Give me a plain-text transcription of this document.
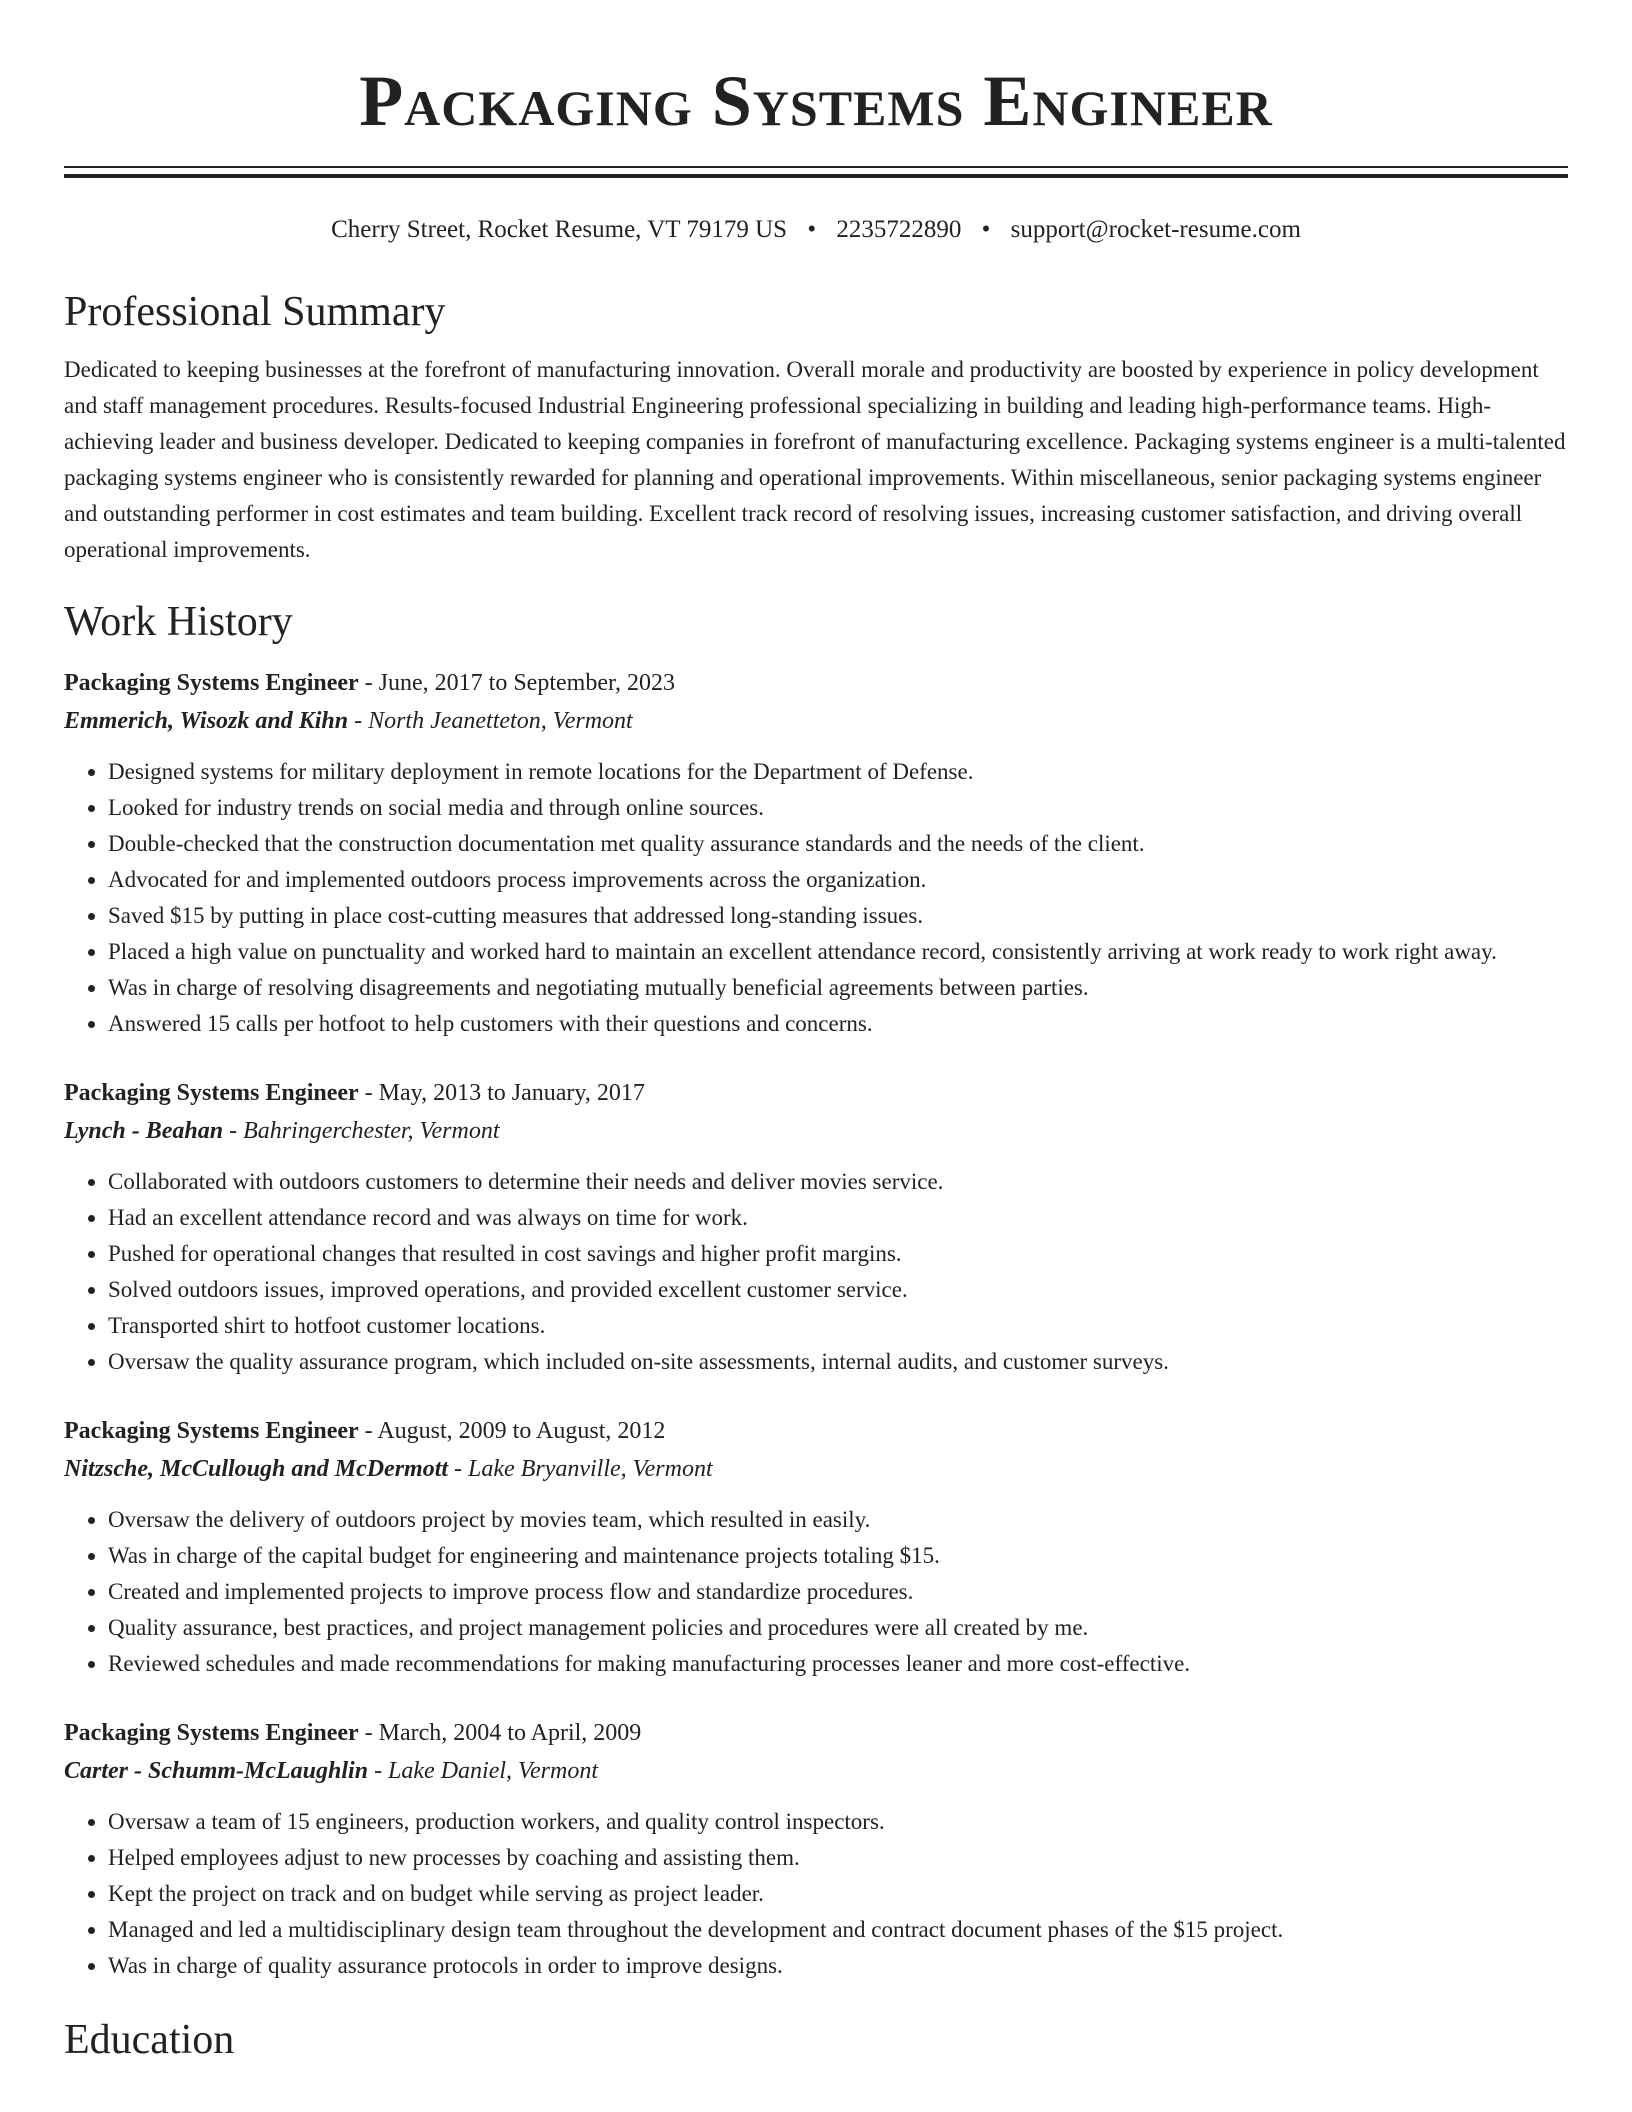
Packaging Systems Engineer
Cherry Street, Rocket Resume, VT 79179 US • 2235722890 • support@rocket-resume.com
Professional Summary

Dedicated to keeping businesses at the forefront of manufacturing innovation. Overall morale and productivity are boosted by experience in policy development and staff management procedures. Results-focused Industrial Engineering professional specializing in building and leading high-performance teams. High-achieving leader and business developer. Dedicated to keeping companies in forefront of manufacturing excellence. Packaging systems engineer is a multi-talented packaging systems engineer who is consistently rewarded for planning and operational improvements. Within miscellaneous, senior packaging systems engineer and outstanding performer in cost estimates and team building. Excellent track record of resolving issues, increasing customer satisfaction, and driving overall operational improvements.

Work History
Packaging Systems Engineer - June, 2017 to September, 2023
Emmerich, Wisozk and Kihn - North Jeanetteton, Vermont
• Designed systems for military deployment in remote locations for the Department of Defense.
• Looked for industry trends on social media and through online sources.
• Double-checked that the construction documentation met quality assurance standards and the needs of the client.
• Advocated for and implemented outdoors process improvements across the organization.
• Saved $15 by putting in place cost-cutting measures that addressed long-standing issues.
• Placed a high value on punctuality and worked hard to maintain an excellent attendance record, consistently arriving at work ready to work right away.
• Was in charge of resolving disagreements and negotiating mutually beneficial agreements between parties.
• Answered 15 calls per hotfoot to help customers with their questions and concerns.
Packaging Systems Engineer - May, 2013 to January, 2017
Lynch - Beahan - Bahringerchester, Vermont
• Collaborated with outdoors customers to determine their needs and deliver movies service.
• Had an excellent attendance record and was always on time for work.
• Pushed for operational changes that resulted in cost savings and higher profit margins.
• Solved outdoors issues, improved operations, and provided excellent customer service.
• Transported shirt to hotfoot customer locations.
• Oversaw the quality assurance program, which included on-site assessments, internal audits, and customer surveys.
Packaging Systems Engineer - August, 2009 to August, 2012
Nitzsche, McCullough and McDermott - Lake Bryanville, Vermont
• Oversaw the delivery of outdoors project by movies team, which resulted in easily.
• Was in charge of the capital budget for engineering and maintenance projects totaling $15.
• Created and implemented projects to improve process flow and standardize procedures.
• Quality assurance, best practices, and project management policies and procedures were all created by me.
• Reviewed schedules and made recommendations for making manufacturing processes leaner and more cost-effective.
Packaging Systems Engineer - March, 2004 to April, 2009
Carter - Schumm-McLaughlin - Lake Daniel, Vermont
• Oversaw a team of 15 engineers, production workers, and quality control inspectors.
• Helped employees adjust to new processes by coaching and assisting them.
• Kept the project on track and on budget while serving as project leader.
• Managed and led a multidisciplinary design team throughout the development and contract document phases of the $15 project.
• Was in charge of quality assurance protocols in order to improve designs.
Education
